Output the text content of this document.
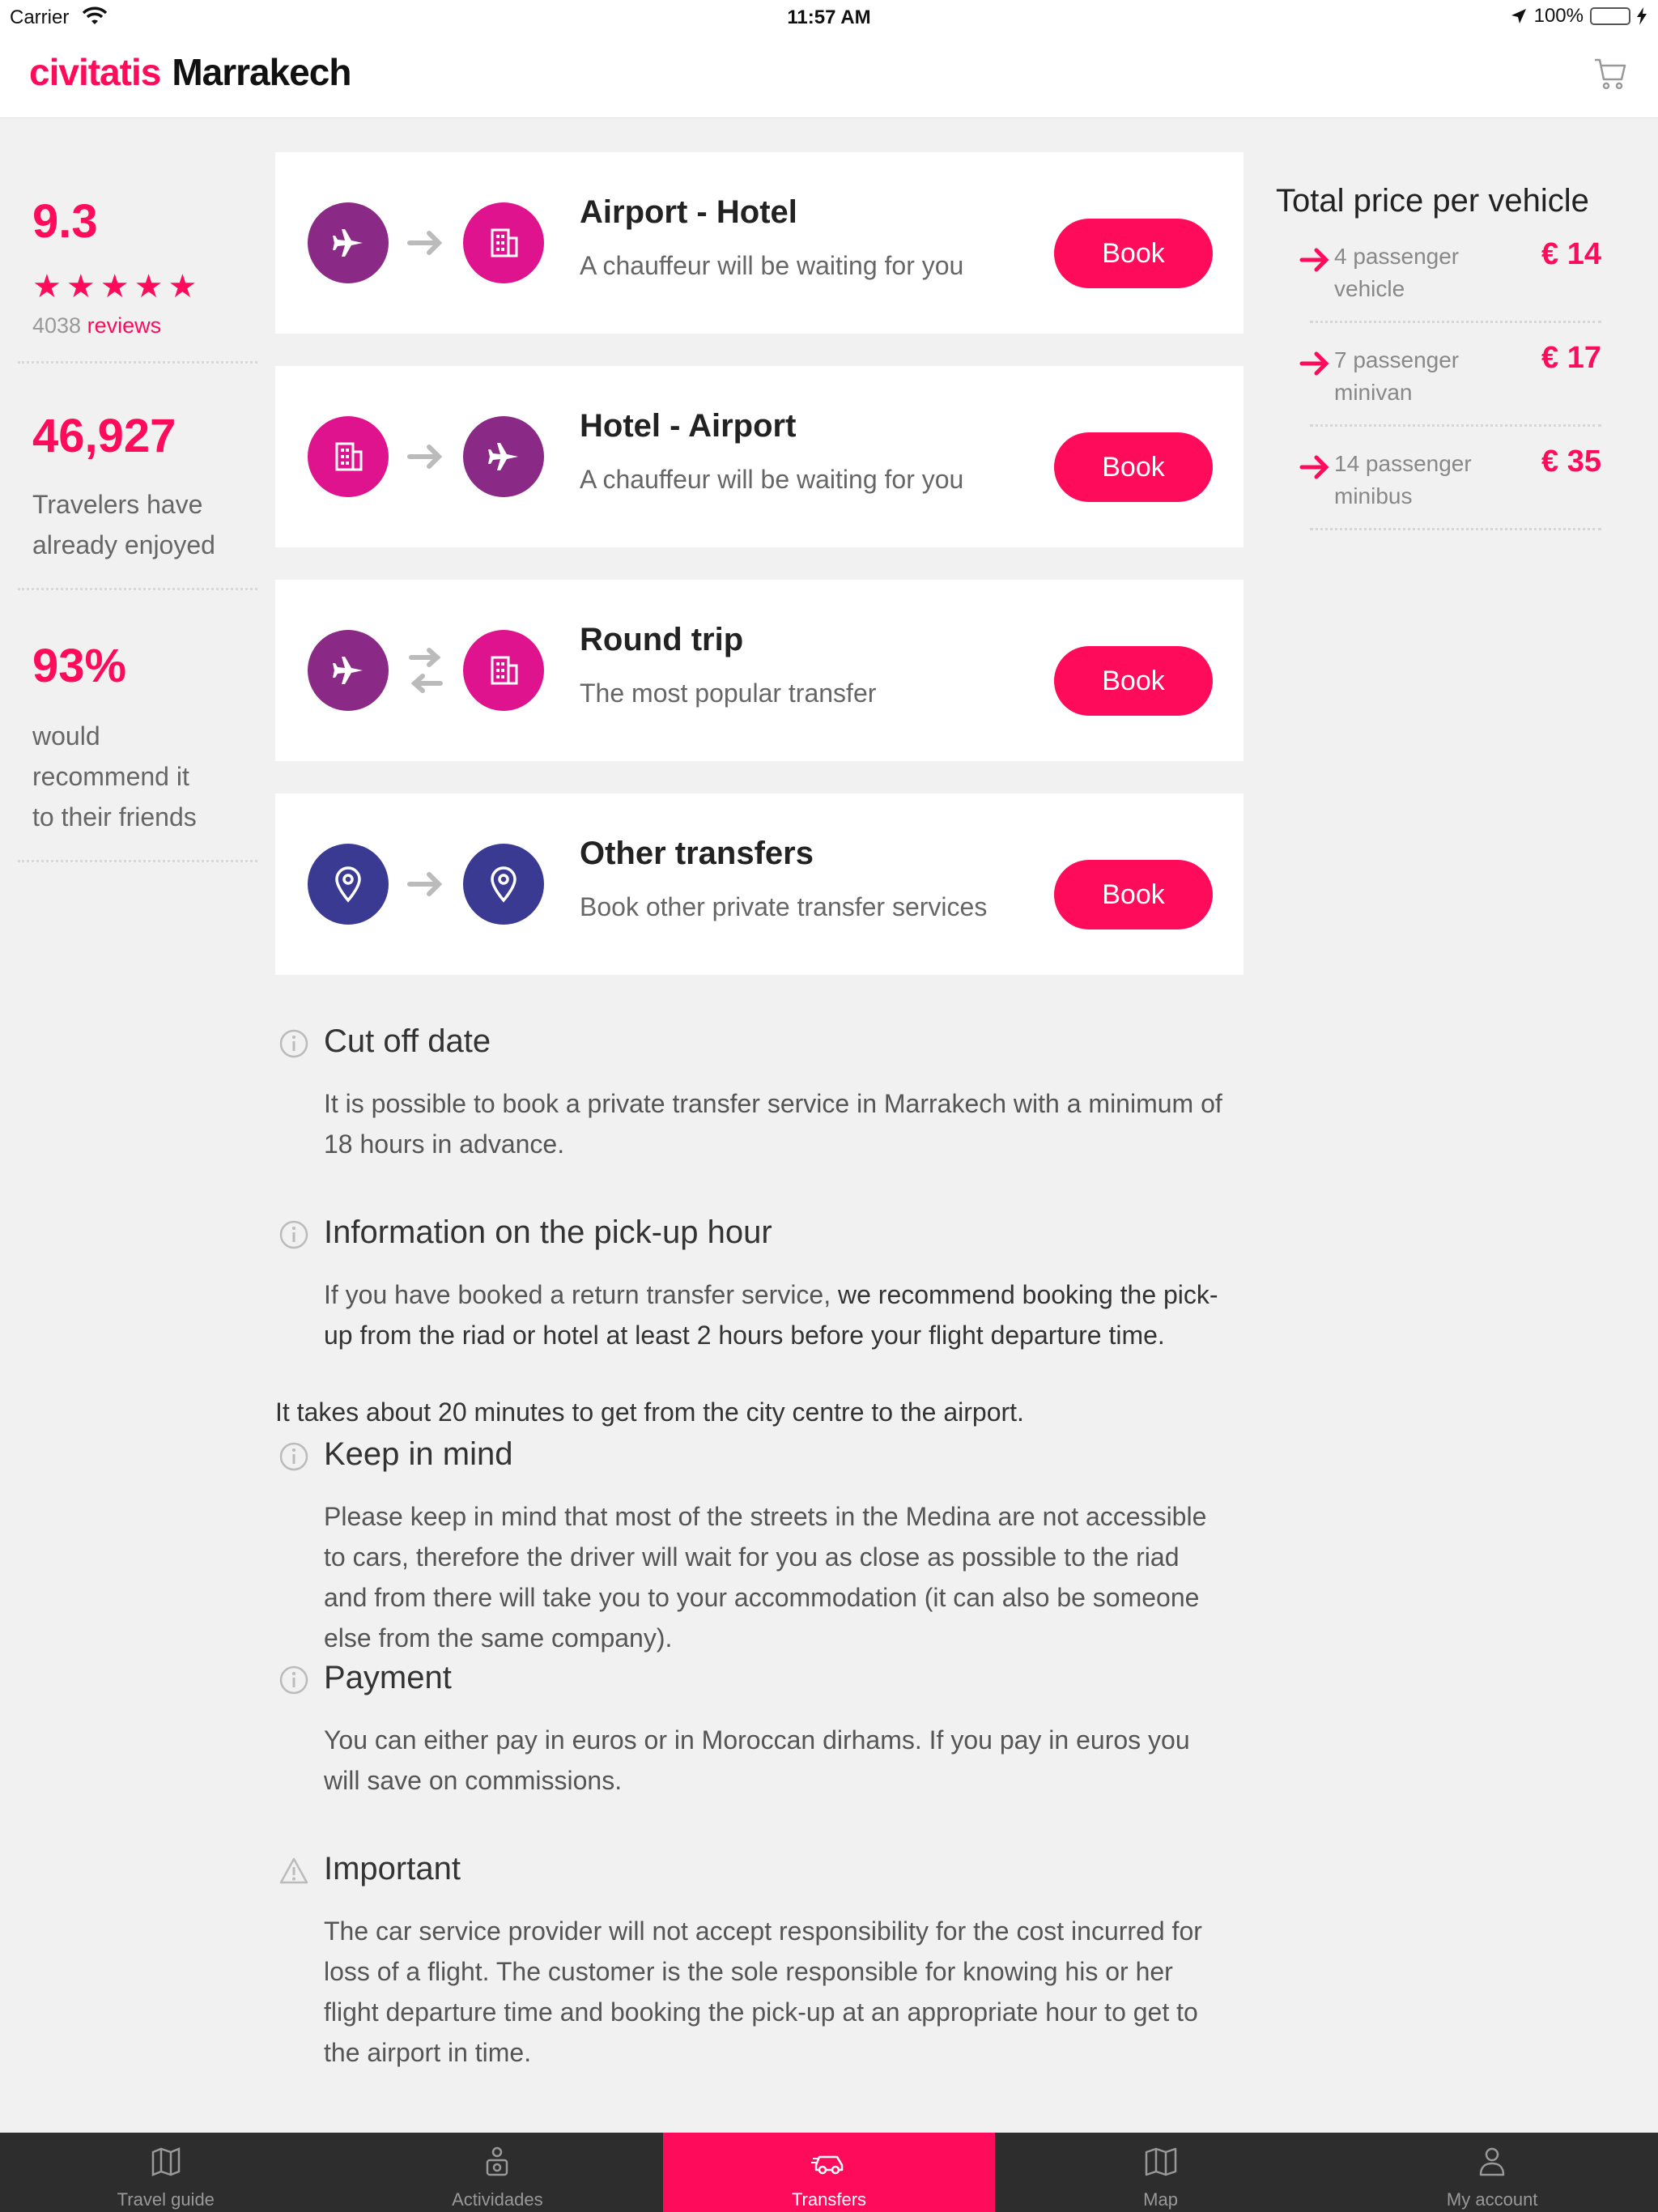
Carrier	11:57 AM	100%
civitatis Marrakech
9.3
★★★★★
4038 reviews
46,927
Travelers have
already enjoyed
93%
would
recommend it
to their friends
Airport - Hotel
A chauffeur will be waiting for you	Book
Hotel - Airport
A chauffeur will be waiting for you	Book
Round trip
The most popular transfer	Book
Other transfers
Book other private transfer services	Book
Total price per vehicle
4 passenger
vehicle
€ 14
7 passenger
minivan
€ 17
14 passenger
minibus
€ 35
Cut off date
It is possible to book a private transfer service in Marrakech with a minimum of 18 hours in advance.
Information on the pick-up hour
If you have booked a return transfer service, we recommend booking the pick-up from the riad or hotel at least 2 hours before your flight departure time.
It takes about 20 minutes to get from the city centre to the airport.
Keep in mind
Please keep in mind that most of the streets in the Medina are not accessible to cars, therefore the driver will wait for you as close as possible to the riad and from there will take you to your accommodation (it can also be someone else from the same company).
Payment
You can either pay in euros or in Moroccan dirhams. If you pay in euros you will save on commissions.
Important
The car service provider will not accept responsibility for the cost incurred for loss of a flight. The customer is the sole responsible for knowing his or her flight departure time and booking the pick-up at an appropriate hour to get to the airport in time.
Travel guide	Actividades	Transfers	Map	My account
